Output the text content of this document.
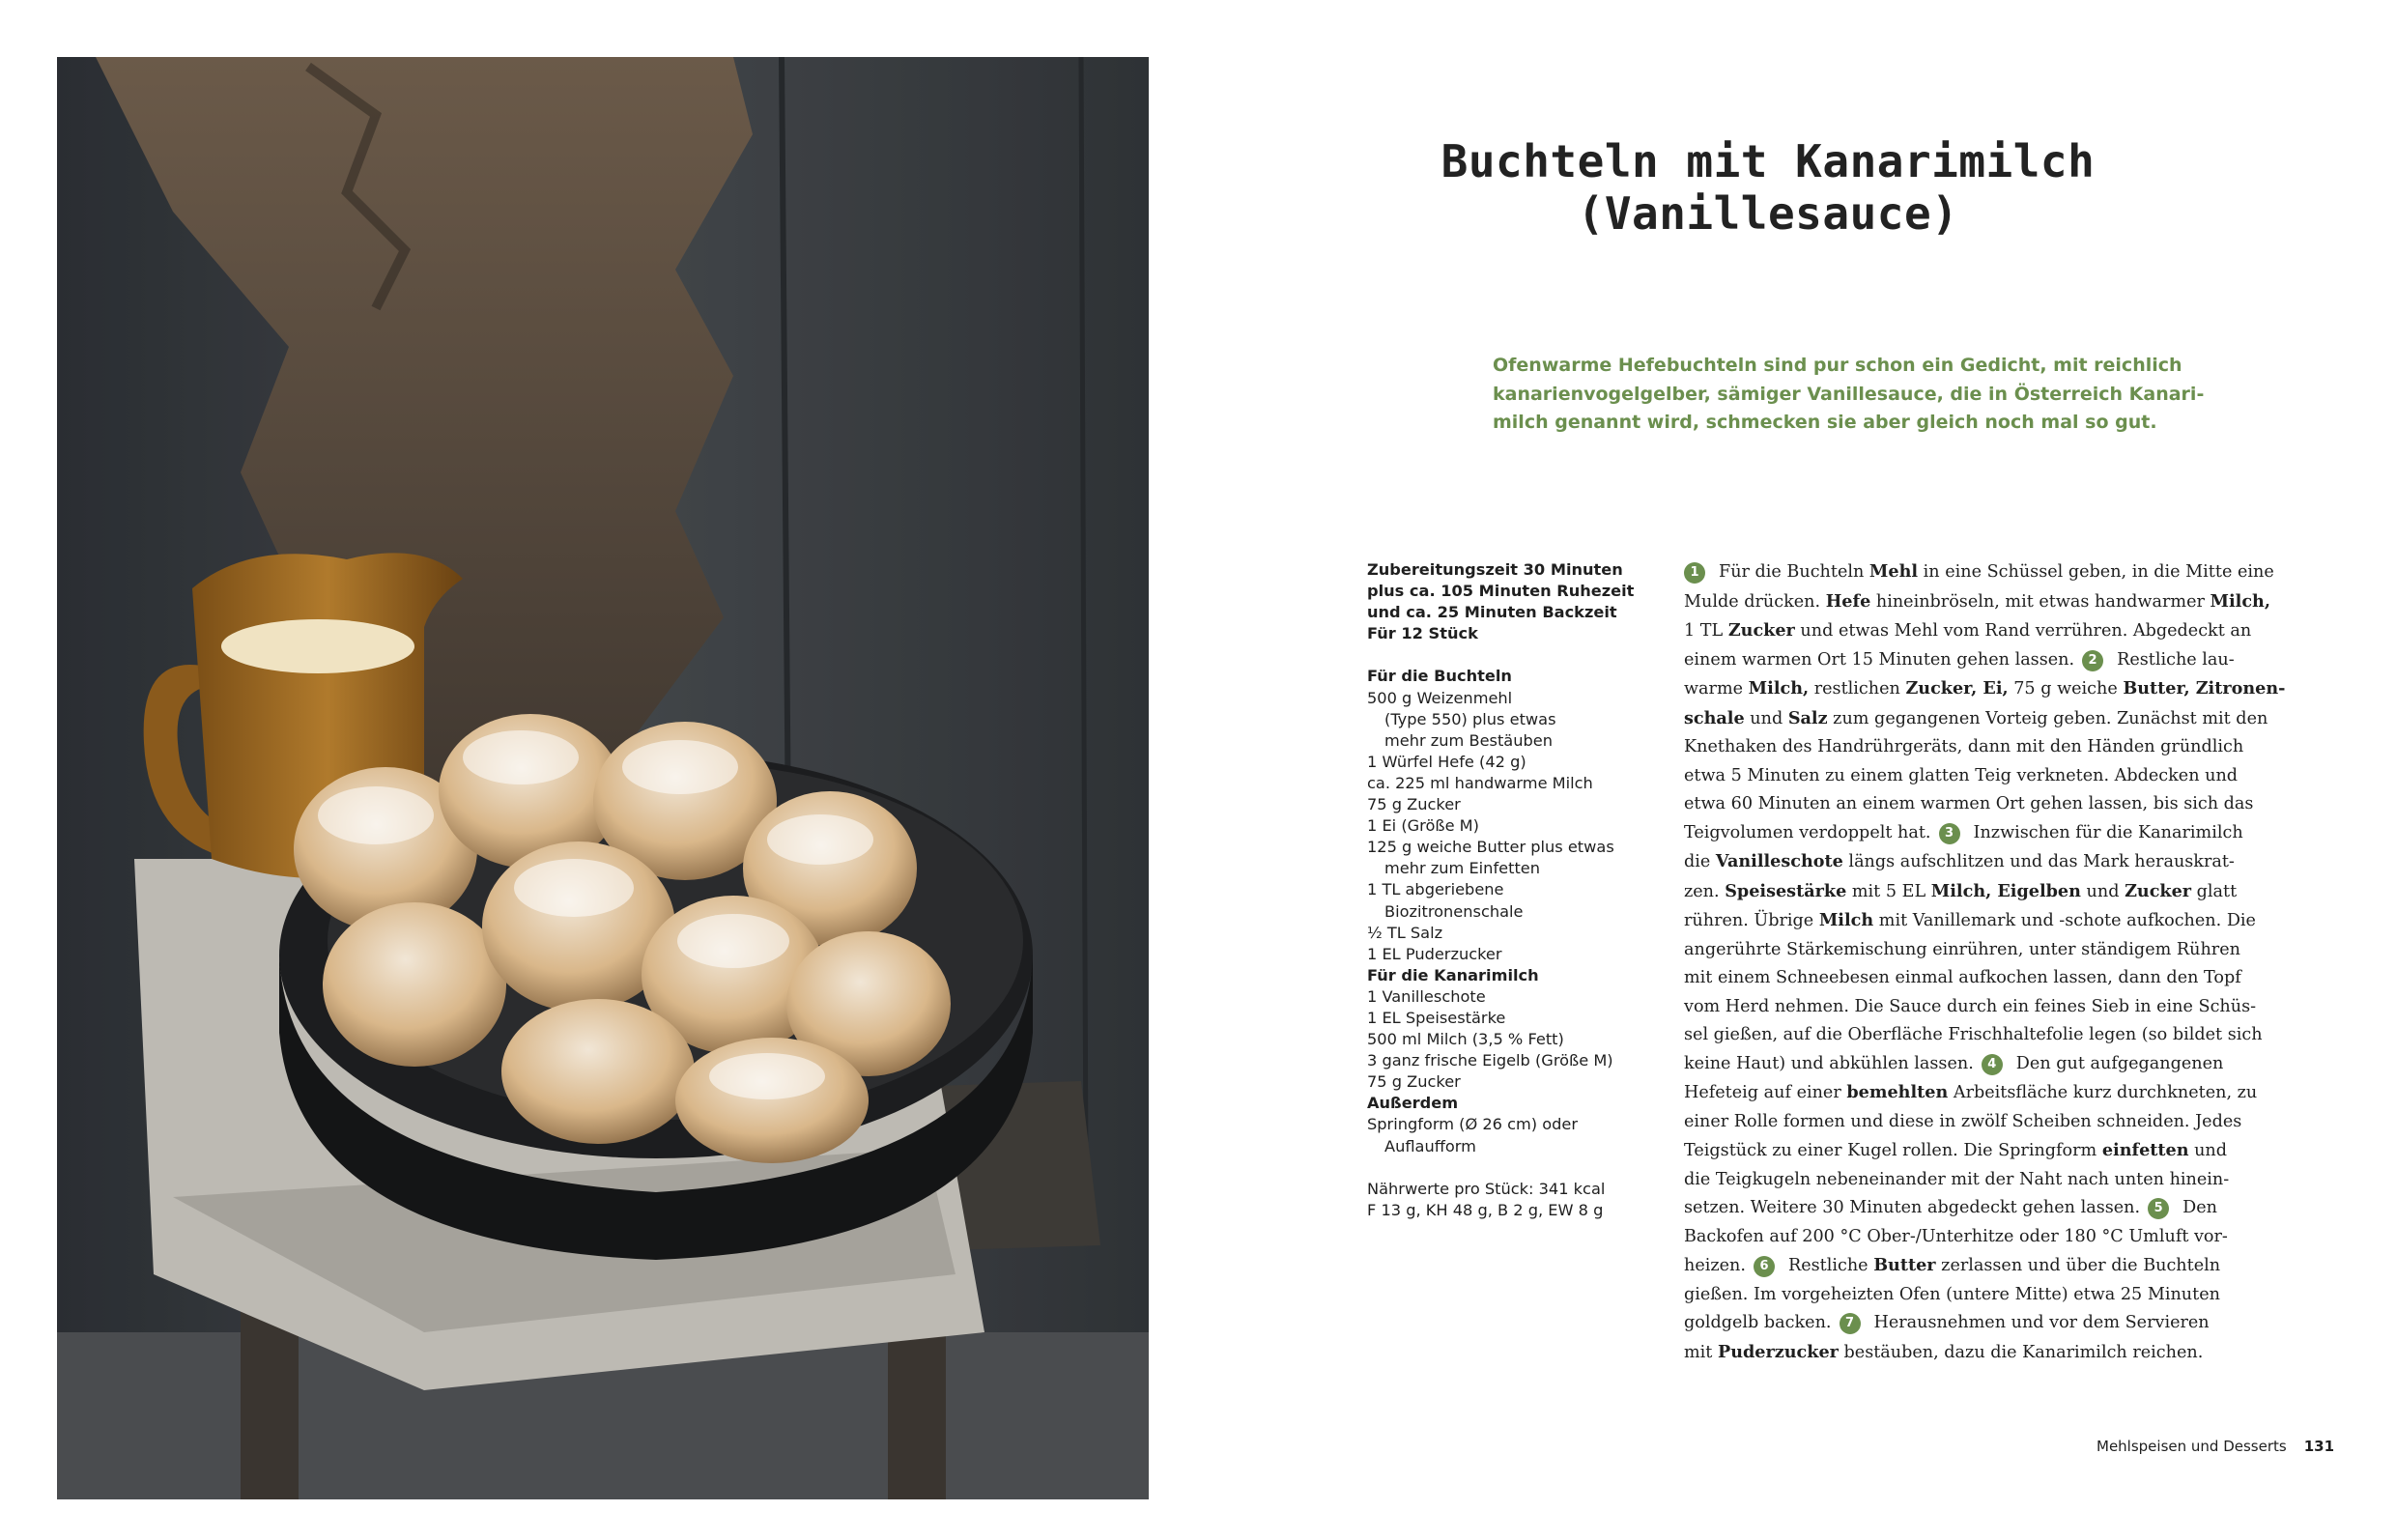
Buchteln mit Kanarimilch
(Vanillesauce)
Ofenwarme Hefebuchteln sind pur schon ein Gedicht, mit reichlich
kanarienvogelgelber, sämiger Vanillesauce, die in Österreich Kanari-
milch genannt wird, schmecken sie aber gleich noch mal so gut.
Zubereitungszeit 30 Minuten
plus ca. 105 Minuten Ruhezeit
und ca. 25 Minuten Backzeit
Für 12 Stück
Für die Buchteln
500 g Weizenmehl
(Type 550) plus etwas
mehr zum Bestäuben
1 Würfel Hefe (42 g)
ca. 225 ml handwarme Milch
75 g Zucker
1 Ei (Größe M)
125 g weiche Butter plus etwas
mehr zum Einfetten
1 TL abgeriebene
Biozitronenschale
½ TL Salz
1 EL Puderzucker
Für die Kanarimilch
1 Vanilleschote
1 EL Speisestärke
500 ml Milch (3,5 % Fett)
3 ganz frische Eigelb (Größe M)
75 g Zucker
Außerdem
Springform (Ø 26 cm) oder
Auflaufform
Nährwerte pro Stück: 341 kcal
F 13 g, KH 48 g, B 2 g, EW 8 g
1 Für die Buchteln Mehl in eine Schüssel geben, in die Mitte eine
Mulde drücken. Hefe hineinbröseln, mit etwas handwarmer Milch,
1 TL Zucker und etwas Mehl vom Rand verrühren. Abgedeckt an
einem warmen Ort 15 Minuten gehen lassen. 2 Restliche lau-
warme Milch, restlichen Zucker, Ei, 75 g weiche Butter, Zitronen-
schale und Salz zum gegangenen Vorteig geben. Zunächst mit den
Knethaken des Handrührgeräts, dann mit den Händen gründlich
etwa 5 Minuten zu einem glatten Teig verkneten. Abdecken und
etwa 60 Minuten an einem warmen Ort gehen lassen, bis sich das
Teigvolumen verdoppelt hat. 3 Inzwischen für die Kanarimilch
die Vanilleschote längs aufschlitzen und das Mark herauskrat-
zen. Speisestärke mit 5 EL Milch, Eigelben und Zucker glatt
rühren. Übrige Milch mit Vanillemark und -schote aufkochen. Die
angerührte Stärkemischung einrühren, unter ständigem Rühren
mit einem Schneebesen einmal aufkochen lassen, dann den Topf
vom Herd nehmen. Die Sauce durch ein feines Sieb in eine Schüs-
sel gießen, auf die Oberfläche Frischhaltefolie legen (so bildet sich
keine Haut) und abkühlen lassen. 4 Den gut aufgegangenen
Hefeteig auf einer bemehlten Arbeitsfläche kurz durchkneten, zu
einer Rolle formen und diese in zwölf Scheiben schneiden. Jedes
Teigstück zu einer Kugel rollen. Die Springform einfetten und
die Teigkugeln nebeneinander mit der Naht nach unten hinein-
setzen. Weitere 30 Minuten abgedeckt gehen lassen. 5 Den
Backofen auf 200 °C Ober-/Unterhitze oder 180 °C Umluft vor-
heizen. 6 Restliche Butter zerlassen und über die Buchteln
gießen. Im vorgeheizten Ofen (untere Mitte) etwa 25 Minuten
goldgelb backen. 7 Herausnehmen und vor dem Servieren
mit Puderzucker bestäuben, dazu die Kanarimilch reichen.
Mehlspeisen und Desserts 131
